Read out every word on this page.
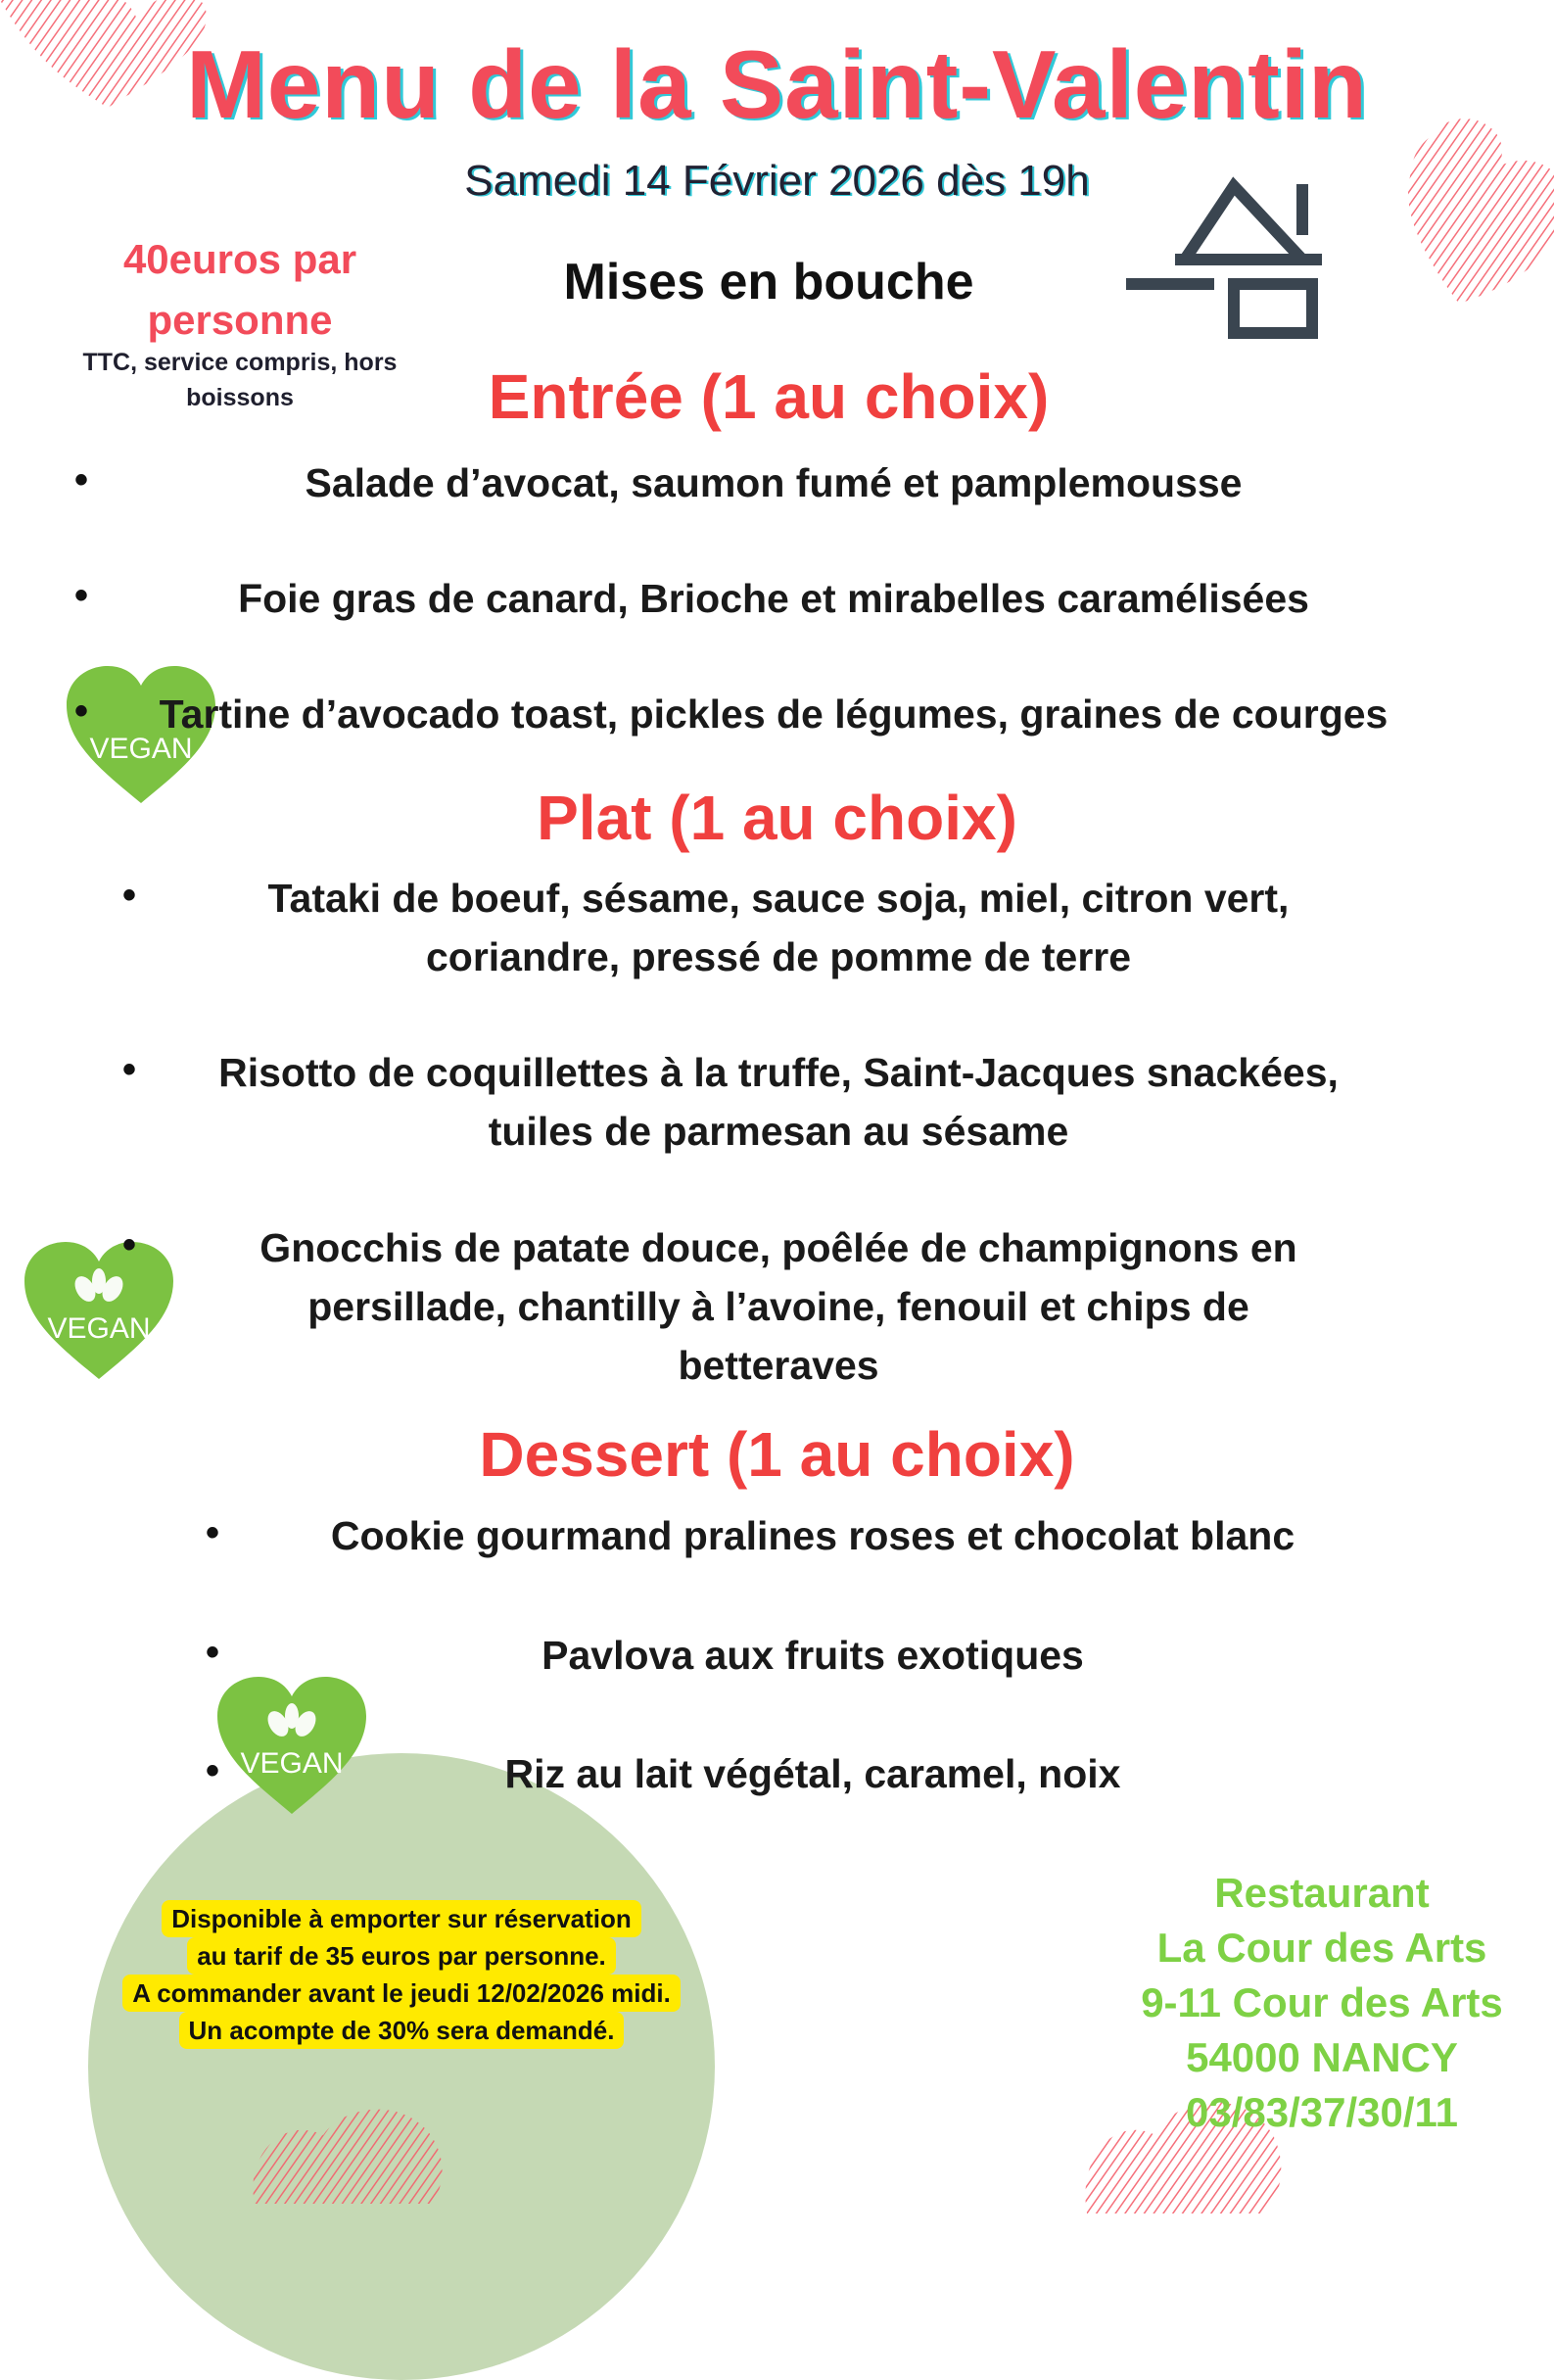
Menu de la Saint-Valentin
Samedi 14 Février 2026 dès 19h
40euros par
personne
TTC, service compris, hors
boissons
Mises en bouche
Entrée (1 au choix)
•	Salade d’avocat, saumon fumé et pamplemousse
•	Foie gras de canard, Brioche et mirabelles caramélisées
VEGAN
•	Tartine d’avocado toast, pickles de légumes, graines de courges
Plat (1 au choix)
•	Tataki de boeuf, sésame, sauce soja, miel, citron vert,
coriandre, pressé de pomme de terre
•	Risotto de coquillettes à la truffe, Saint-Jacques snackées,
tuiles de parmesan au sésame
VEGAN
•	Gnocchis de patate douce, poêlée de champignons en
persillade, chantilly à l’avoine, fenouil et chips de
betteraves
Dessert (1 au choix)
•	Cookie gourmand pralines roses et chocolat blanc
•	Pavlova aux fruits exotiques
VEGAN
•	Riz au lait végétal, caramel, noix
Disponible à emporter sur réservation
au tarif de 35 euros par personne.
A commander avant le jeudi 12/02/2026 midi.
Un acompte de 30% sera demandé.
Restaurant
La Cour des Arts
9-11 Cour des Arts
54000 NANCY
03/83/37/30/11
